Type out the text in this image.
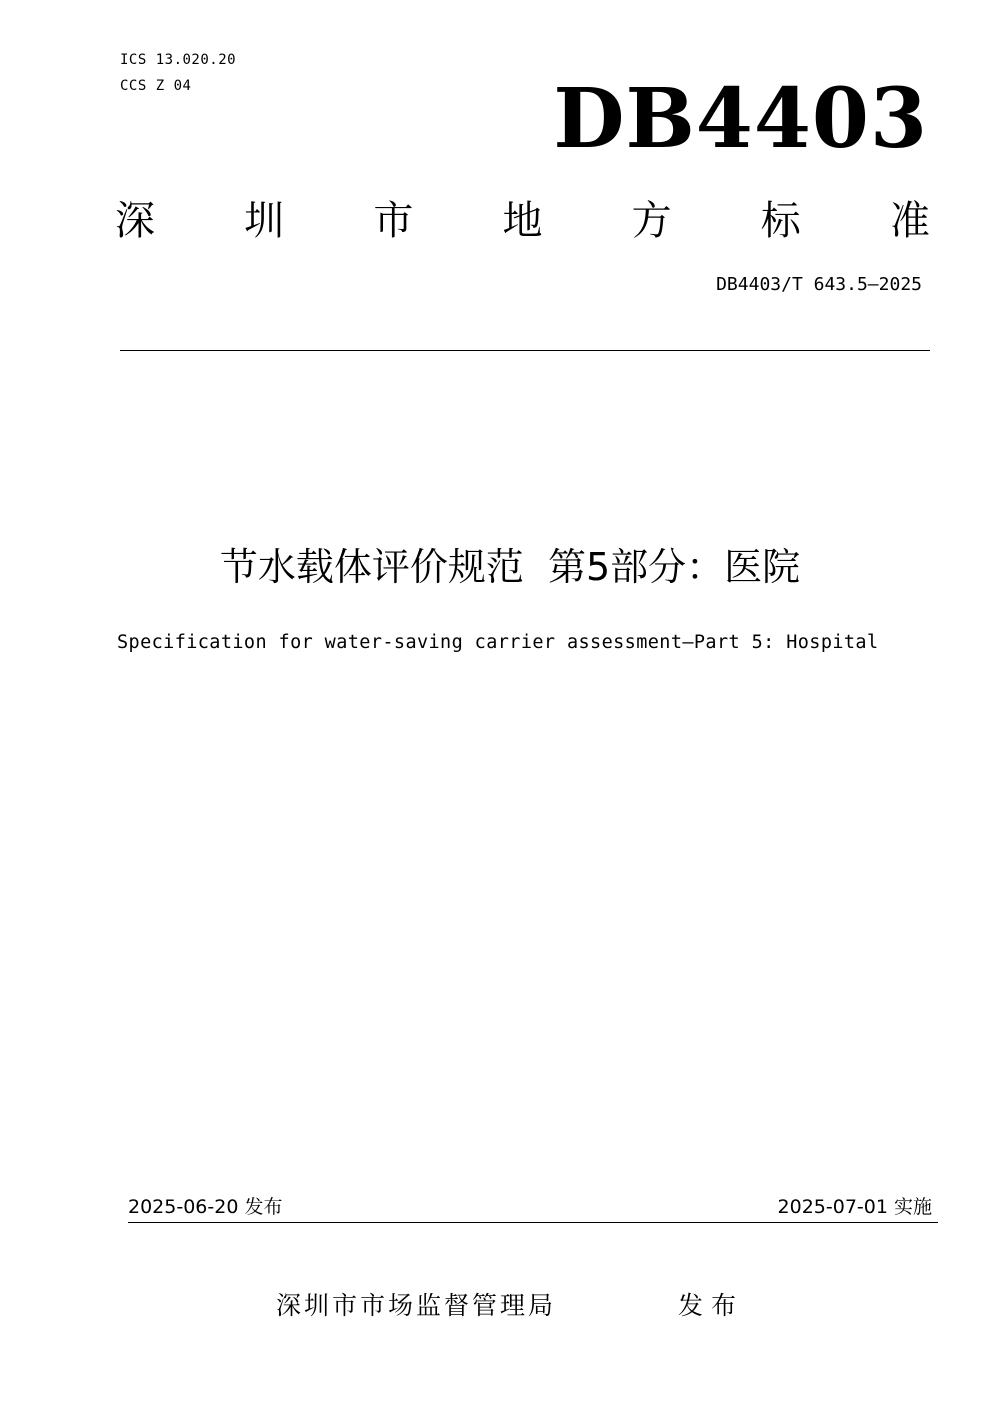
ICS 13.020.20
CCS Z 04	DB4403
深 圳 市 地 方 标 准
DB4403/T 643.5—2025
节水载体评价规范  第5部分：医院
Specification for water-saving carrier assessment—Part 5: Hospital
2025-06-20 发布	2025-07-01 实施
深圳市市场监督管理局	发布
